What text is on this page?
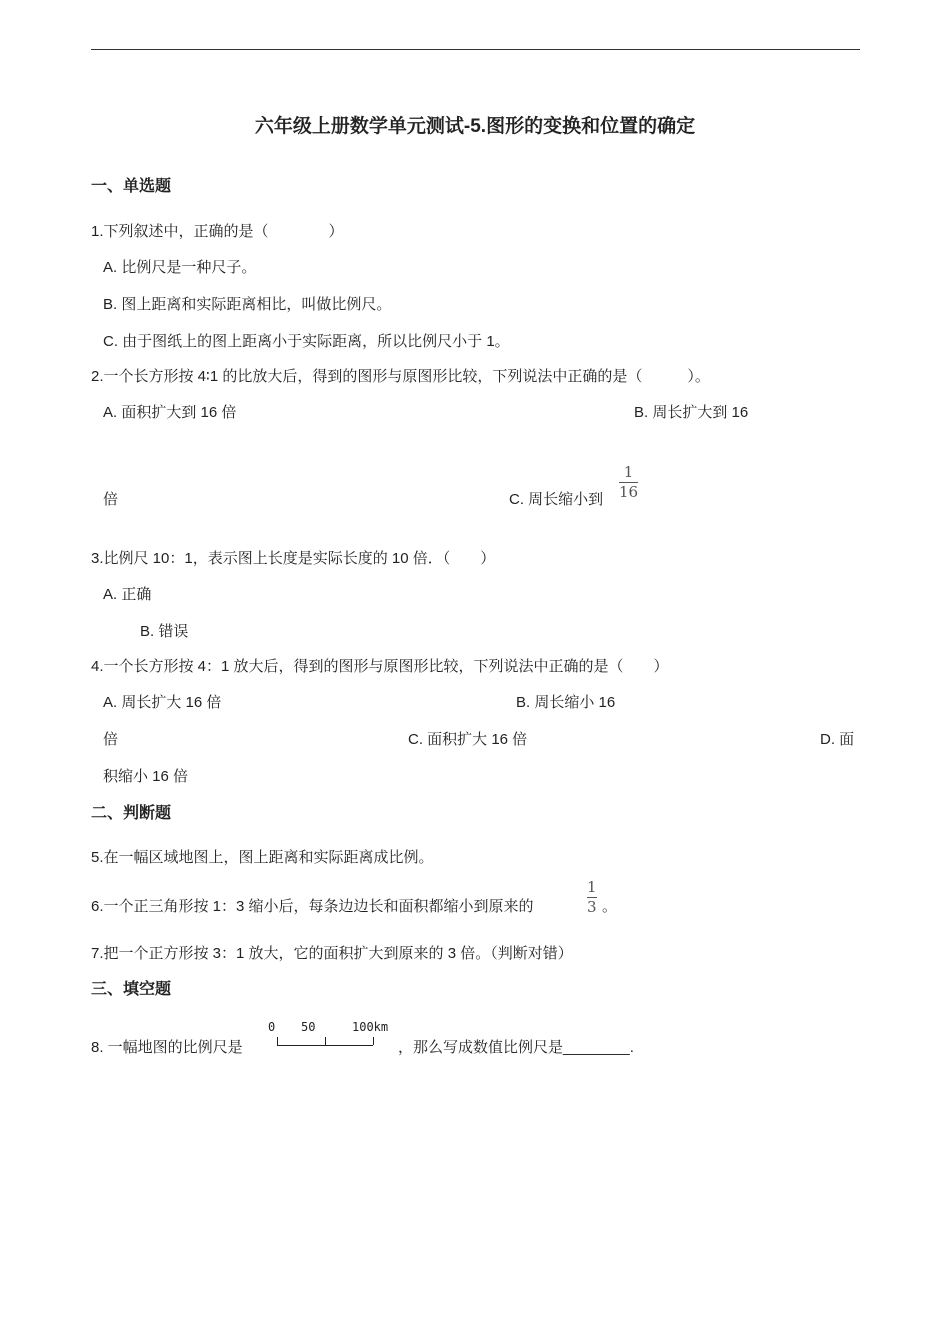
六年级上册数学单元测试-5.图形的变换和位置的确定
一、单选题
1.下列叙述中，正确的是（　　　　）
A. 比例尺是一种尺子。
B. 图上距离和实际距离相比，叫做比例尺。
C. 由于图纸上的图上距离小于实际距离，所以比例尺小于 1。
2.一个长方形按 4∶1 的比放大后，得到的图形与原图形比较，下列说法中正确的是（　　　）。
A. 面积扩大到 16 倍	B. 周长扩大到 16
倍	C. 周长缩小到
1
16
3.比例尺 10：1，表示图上长度是实际长度的 10 倍．（　　）
A. 正确
B. 错误
4.一个长方形按 4：1 放大后，得到的图形与原图形比较，下列说法中正确的是（　　）
A. 周长扩大 16 倍	B. 周长缩小 16
倍	C. 面积扩大 16 倍	D. 面
积缩小 16 倍
二、判断题
5.在一幅区域地图上，图上距离和实际距离成比例。
6.一个正三角形按 1：3 缩小后，每条边边长和面积都缩小到原来的
1
3 。
7.把一个正方形按 3：1 放大，它的面积扩大到原来的 3 倍。（判断对错）
三、填空题
8. 一幅地图的比例尺是
0 50	100km
，那么写成数值比例尺是________.
